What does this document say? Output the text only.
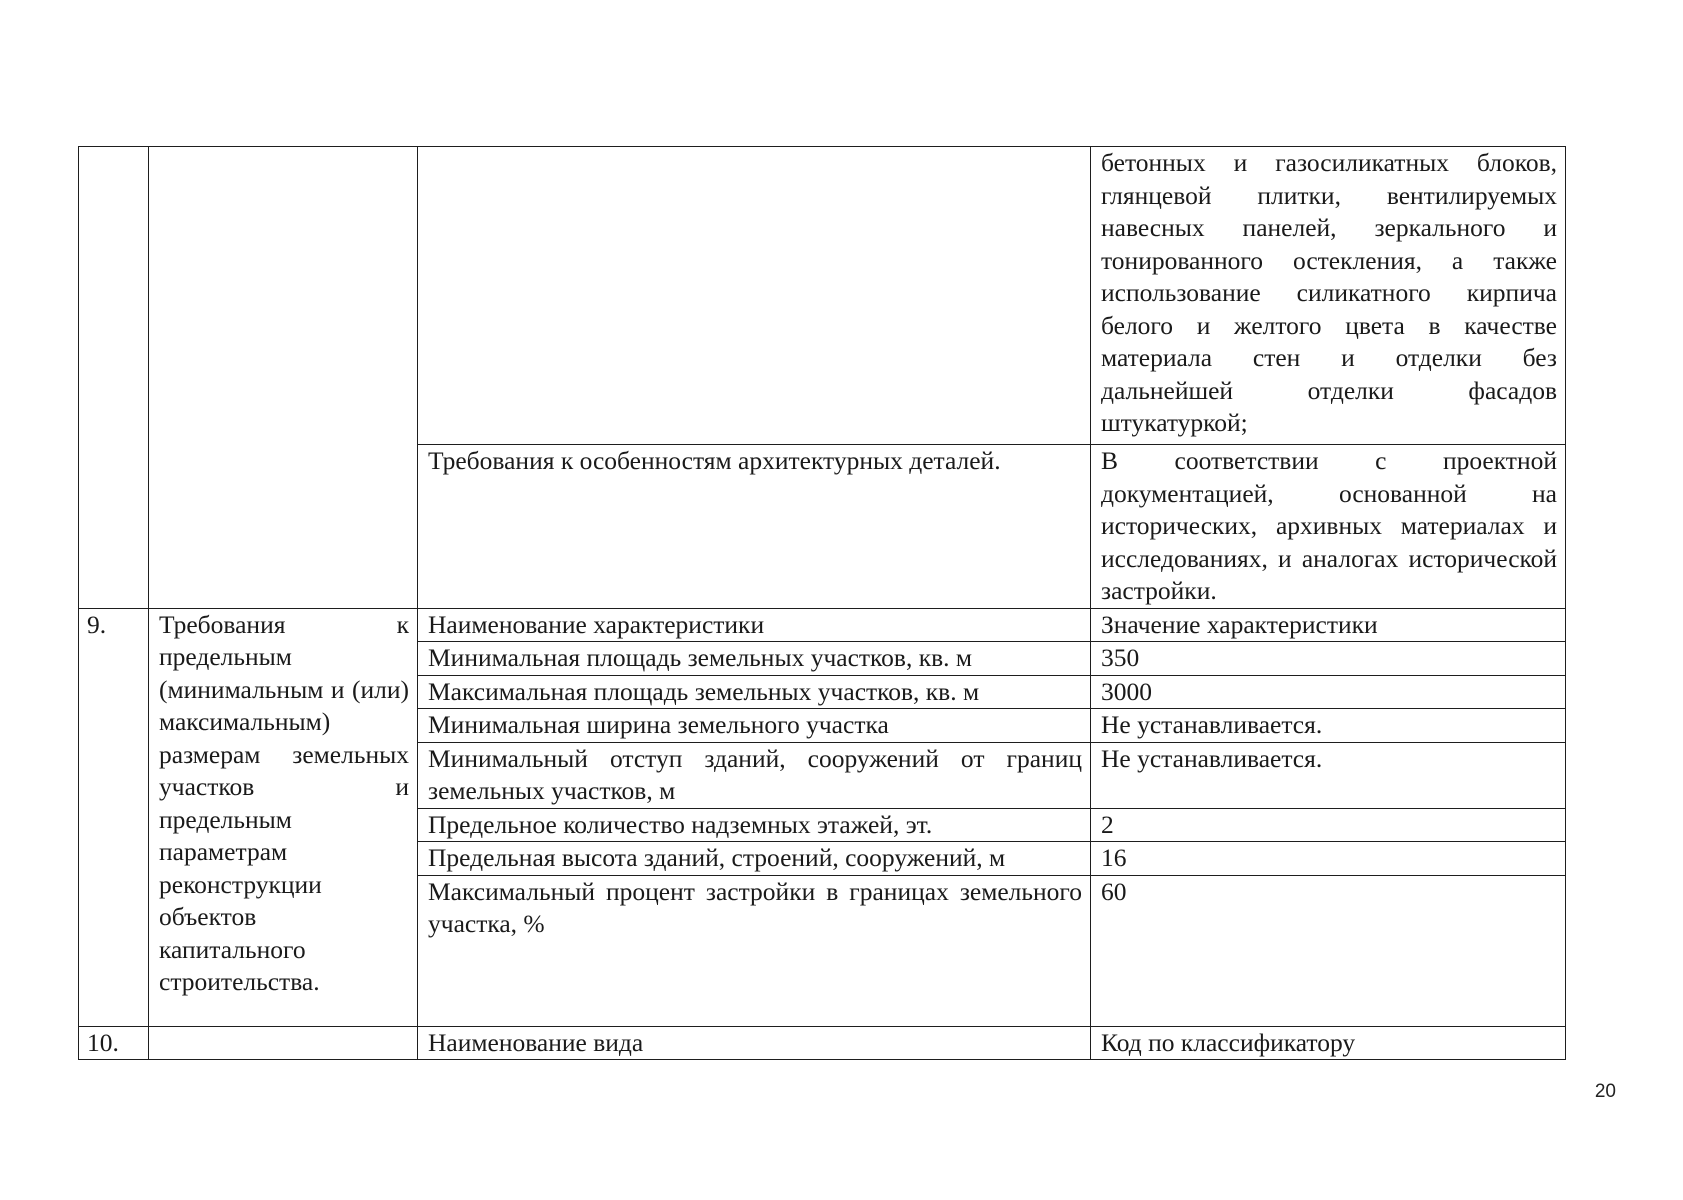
			бетонных и газосиликатных блоков, глянцевой плитки, вентилируемых навесных панелей, зеркального и тонированного остекления, а также использование силикатного кирпича белого и желтого цвета в качестве материала стен и отделки без дальнейшей отделки фасадов штукатуркой;
		Требования к особенностям архитектурных деталей.	В соответствии с проектной документацией, основанной на исторических, архивных материалах и исследованиях, и аналогах исторической застройки.
9.	Требования к предельным (минимальным и (или) максимальным) размерам земельных участков и предельным параметрам реконструкции объектов капитального строительства.	Наименование характеристики	Значение характеристики
		Минимальная площадь земельных участков, кв. м	350
		Максимальная площадь земельных участков, кв. м	3000
		Минимальная ширина земельного участка	Не устанавливается.
		Минимальный отступ зданий, сооружений от границ земельных участков, м	Не устанавливается.
		Предельное количество надземных этажей, эт.	2
		Предельная высота зданий, строений, сооружений, м	16
		Максимальный процент застройки в границах земельного участка, %	60
10.		Наименование вида	Код по классификатору
20
